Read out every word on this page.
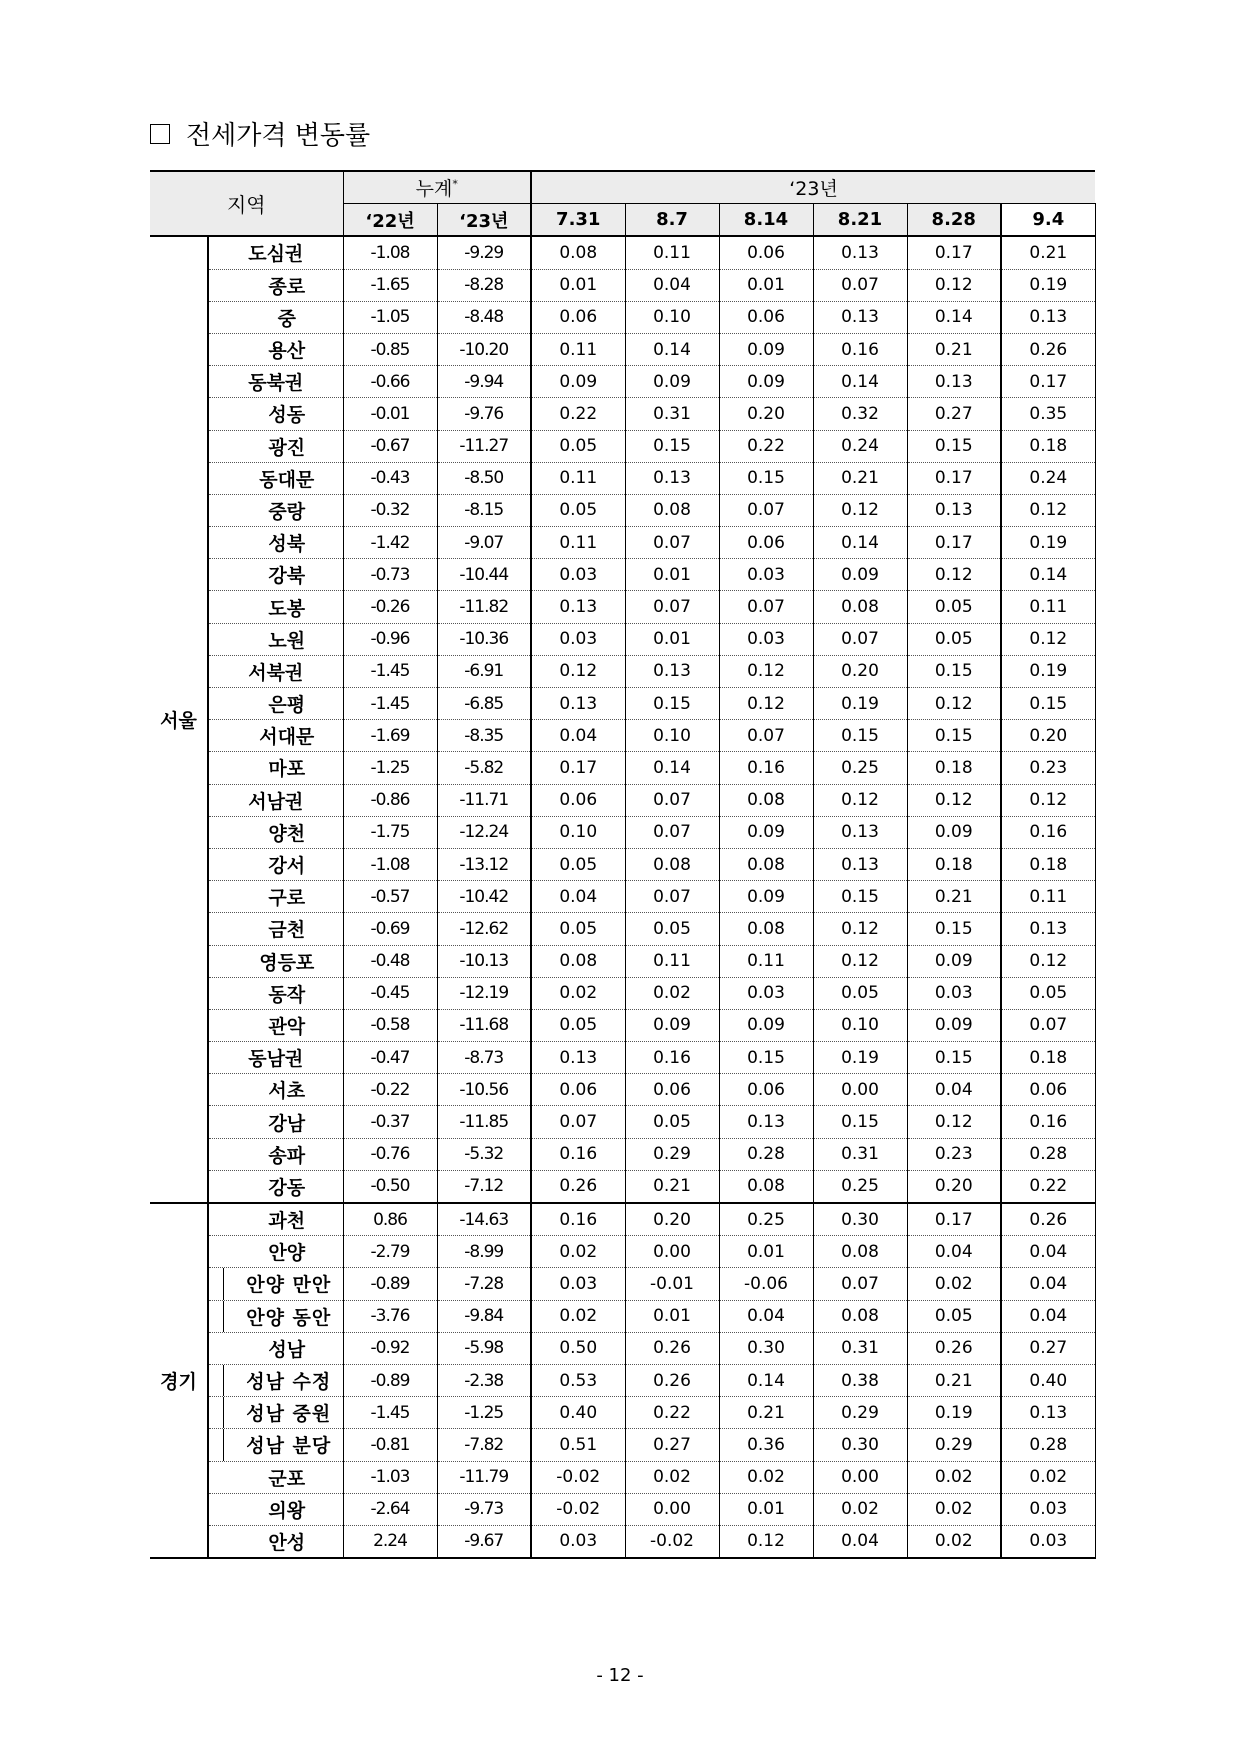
전세가격 변동률
지역		누계*		‘23년					
		‘22년	‘23년	7.31	8.7	8.14	8.21	8.28	9.4
서울	도심권	-1.08	-9.29	0.08	0.11	0.06	0.13	0.17	0.21
	종로	-1.65	-8.28	0.01	0.04	0.01	0.07	0.12	0.19
	중	-1.05	-8.48	0.06	0.10	0.06	0.13	0.14	0.13
	용산	-0.85	-10.20	0.11	0.14	0.09	0.16	0.21	0.26
	동북권	-0.66	-9.94	0.09	0.09	0.09	0.14	0.13	0.17
	성동	-0.01	-9.76	0.22	0.31	0.20	0.32	0.27	0.35
	광진	-0.67	-11.27	0.05	0.15	0.22	0.24	0.15	0.18
	동대문	-0.43	-8.50	0.11	0.13	0.15	0.21	0.17	0.24
	중랑	-0.32	-8.15	0.05	0.08	0.07	0.12	0.13	0.12
	성북	-1.42	-9.07	0.11	0.07	0.06	0.14	0.17	0.19
	강북	-0.73	-10.44	0.03	0.01	0.03	0.09	0.12	0.14
	도봉	-0.26	-11.82	0.13	0.07	0.07	0.08	0.05	0.11
	노원	-0.96	-10.36	0.03	0.01	0.03	0.07	0.05	0.12
	서북권	-1.45	-6.91	0.12	0.13	0.12	0.20	0.15	0.19
	은평	-1.45	-6.85	0.13	0.15	0.12	0.19	0.12	0.15
	서대문	-1.69	-8.35	0.04	0.10	0.07	0.15	0.15	0.20
	마포	-1.25	-5.82	0.17	0.14	0.16	0.25	0.18	0.23
	서남권	-0.86	-11.71	0.06	0.07	0.08	0.12	0.12	0.12
	양천	-1.75	-12.24	0.10	0.07	0.09	0.13	0.09	0.16
	강서	-1.08	-13.12	0.05	0.08	0.08	0.13	0.18	0.18
	구로	-0.57	-10.42	0.04	0.07	0.09	0.15	0.21	0.11
	금천	-0.69	-12.62	0.05	0.05	0.08	0.12	0.15	0.13
	영등포	-0.48	-10.13	0.08	0.11	0.11	0.12	0.09	0.12
	동작	-0.45	-12.19	0.02	0.02	0.03	0.05	0.03	0.05
	관악	-0.58	-11.68	0.05	0.09	0.09	0.10	0.09	0.07
	동남권	-0.47	-8.73	0.13	0.16	0.15	0.19	0.15	0.18
	서초	-0.22	-10.56	0.06	0.06	0.06	0.00	0.04	0.06
	강남	-0.37	-11.85	0.07	0.05	0.13	0.15	0.12	0.16
	송파	-0.76	-5.32	0.16	0.29	0.28	0.31	0.23	0.28
	강동	-0.50	-7.12	0.26	0.21	0.08	0.25	0.20	0.22
경기	과천	0.86	-14.63	0.16	0.20	0.25	0.30	0.17	0.26
	안양	-2.79	-8.99	0.02	0.00	0.01	0.08	0.04	0.04
	안양 만안	-0.89	-7.28	0.03	-0.01	-0.06	0.07	0.02	0.04
	안양 동안	-3.76	-9.84	0.02	0.01	0.04	0.08	0.05	0.04
	성남	-0.92	-5.98	0.50	0.26	0.30	0.31	0.26	0.27
	성남 수정	-0.89	-2.38	0.53	0.26	0.14	0.38	0.21	0.40
	성남 중원	-1.45	-1.25	0.40	0.22	0.21	0.29	0.19	0.13
	성남 분당	-0.81	-7.82	0.51	0.27	0.36	0.30	0.29	0.28
	군포	-1.03	-11.79	-0.02	0.02	0.02	0.00	0.02	0.02
	의왕	-2.64	-9.73	-0.02	0.00	0.01	0.02	0.02	0.03
	안성	2.24	-9.67	0.03	-0.02	0.12	0.04	0.02	0.03
- 12 -
